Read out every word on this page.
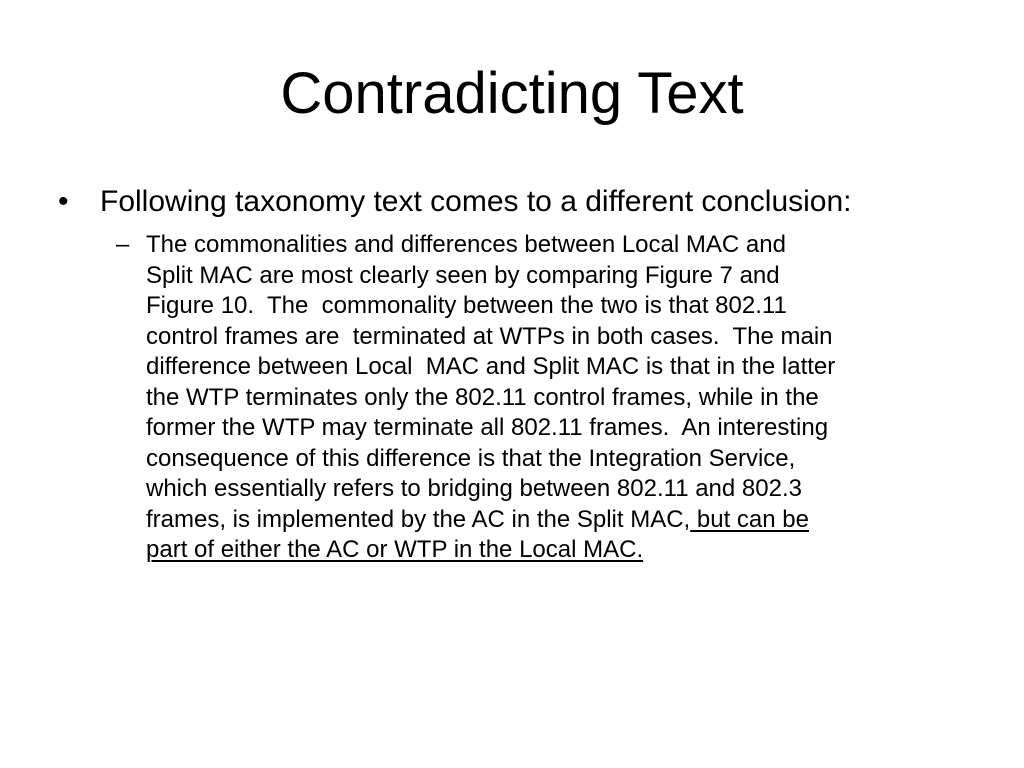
Contradicting Text
•	Following taxonomy text comes to a different conclusion:
– The commonalities and differences between Local MAC and
Split MAC are most clearly seen by comparing Figure 7 and
Figure 10.  The  commonality between the two is that 802.11
control frames are  terminated at WTPs in both cases.  The main
difference between Local  MAC and Split MAC is that in the latter
the WTP terminates only the 802.11 control frames, while in the
former the WTP may terminate all 802.11 frames.  An interesting
consequence of this difference is that the Integration Service,
which essentially refers to bridging between 802.11 and 802.3
frames, is implemented by the AC in the Split MAC, but can be
part of either the AC or WTP in the Local MAC.
